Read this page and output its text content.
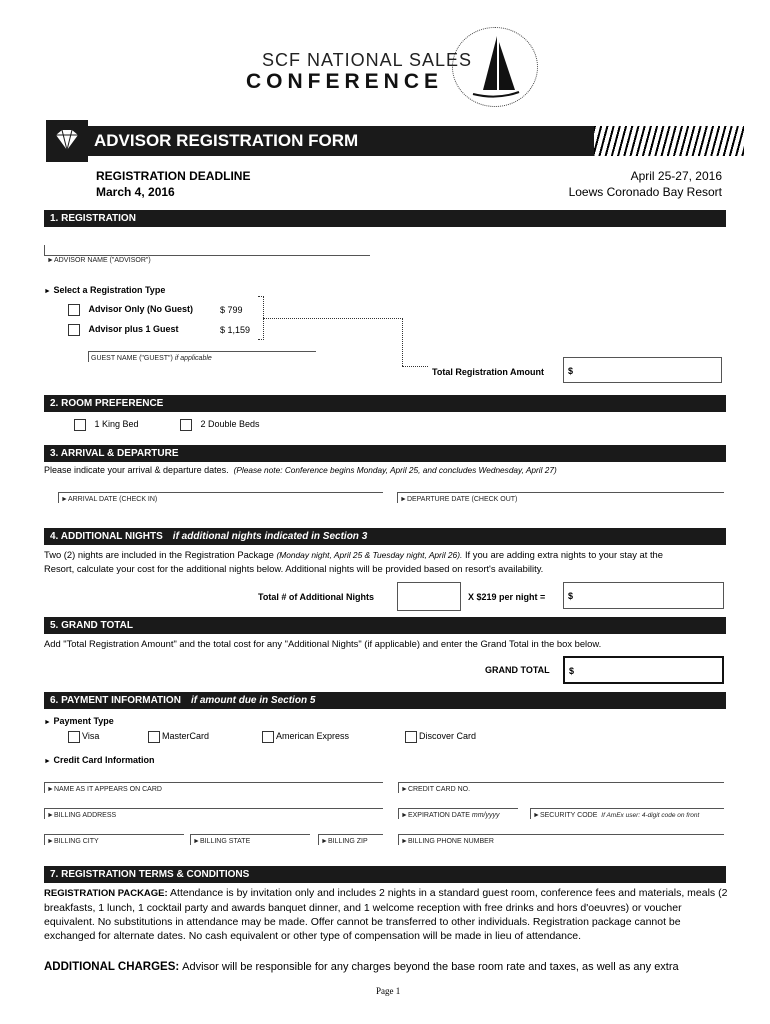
SCF NATIONAL SALES
CONFERENCE
ADVISOR REGISTRATION FORM
REGISTRATION DEADLINE
March 4, 2016
April 25-27, 2016
Loews Coronado Bay Resort
1. REGISTRATION
►ADVISOR NAME ("ADVISOR")
► Select a Registration Type
Advisor Only (No Guest)	$ 799
Advisor plus 1 Guest	$ 1,159
GUEST NAME ("GUEST") if applicable
Total Registration Amount	$
2. ROOM PREFERENCE
1 King Bed	2 Double Beds
3. ARRIVAL & DEPARTURE
Please indicate your arrival & departure dates. (Please note: Conference begins Monday, April 25, and concludes Wednesday, April 27)
►ARRIVAL DATE (CHECK IN)	►DEPARTURE DATE (CHECK OUT)
4. ADDITIONAL NIGHTS if additional nights indicated in Section 3
Two (2) nights are included in the Registration Package (Monday night, April 25 & Tuesday night, April 26). If you are adding extra nights to your stay at the
Resort, calculate your cost for the additional nights below. Additional nights will be provided based on resort's availability.
Total # of Additional Nights	X $219 per night =	$
5. GRAND TOTAL
Add "Total Registration Amount" and the total cost for any "Additional Nights" (if applicable) and enter the Grand Total in the box below.
GRAND TOTAL	$
6. PAYMENT INFORMATION if amount due in Section 5
► Payment Type
Visa	MasterCard	American Express	Discover Card
► Credit Card Information
►NAME AS IT APPEARS ON CARD	►CREDIT CARD NO.
►BILLING ADDRESS	►EXPIRATION DATE mm/yyyy	►SECURITY CODE If AmEx user: 4-digit code on front
►BILLING CITY	►BILLING STATE	►BILLING ZIP	►BILLING PHONE NUMBER
7. REGISTRATION TERMS & CONDITIONS
REGISTRATION PACKAGE: Attendance is by invitation only and includes 2 nights in a standard guest room, conference fees and materials, meals (2 breakfasts, 1 lunch, 1 cocktail party and awards banquet dinner, and 1 welcome reception with free drinks and hors d'oeuvres) or voucher equivalent. No substitutions in attendance may be made. Offer cannot be transferred to other individuals. Registration package cannot be exchanged for alternate dates. No cash equivalent or other type of compensation will be made in lieu of attendance.
ADDITIONAL CHARGES: Advisor will be responsible for any charges beyond the base room rate and taxes, as well as any extra
Page 1
